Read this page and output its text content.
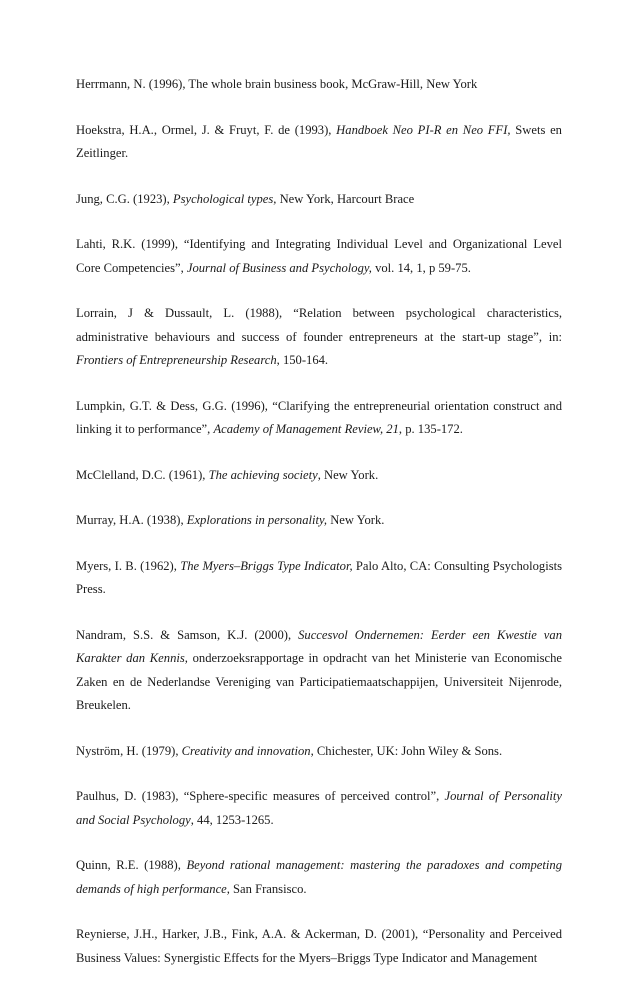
Herrmann, N. (1996), The whole brain business book, McGraw-Hill, New York

Hoekstra, H.A., Ormel, J. & Fruyt, F. de (1993), Handboek Neo PI-R en Neo FFI, Swets en Zeitlinger.

Jung, C.G. (1923), Psychological types, New York, Harcourt Brace

Lahti, R.K. (1999), “Identifying and Integrating Individual Level and Organizational Level Core Competencies”, Journal of Business and Psychology, vol. 14, 1, p 59-75.

Lorrain, J & Dussault, L. (1988), “Relation between psychological characteristics, administrative behaviours and success of founder entrepreneurs at the start-up stage”, in: Frontiers of Entrepreneurship Research, 150-164.

Lumpkin, G.T. & Dess, G.G. (1996), “Clarifying the entrepreneurial orientation construct and linking it to performance”, Academy of Management Review, 21, p. 135-172.

McClelland, D.C. (1961), The achieving society, New York.

Murray, H.A. (1938), Explorations in personality, New York.

Myers, I. B. (1962), The Myers–Briggs Type Indicator, Palo Alto, CA: Consulting Psychologists Press.

Nandram, S.S. & Samson, K.J. (2000), Succesvol Ondernemen: Eerder een Kwestie van Karakter dan Kennis, onderzoeksrapportage in opdracht van het Ministerie van Economische Zaken en de Nederlandse Vereniging van Participatiemaatschappijen, Universiteit Nijenrode, Breukelen.

Nyström, H. (1979), Creativity and innovation, Chichester, UK: John Wiley & Sons.

Paulhus, D. (1983), “Sphere-specific measures of perceived control”, Journal of Personality and Social Psychology, 44, 1253-1265.

Quinn, R.E. (1988), Beyond rational management: mastering the paradoxes and competing demands of high performance, San Fransisco.

Reynierse, J.H., Harker, J.B., Fink, A.A. & Ackerman, D. (2001), “Personality and Perceived Business Values: Synergistic Effects for the Myers–Briggs Type Indicator and Management
